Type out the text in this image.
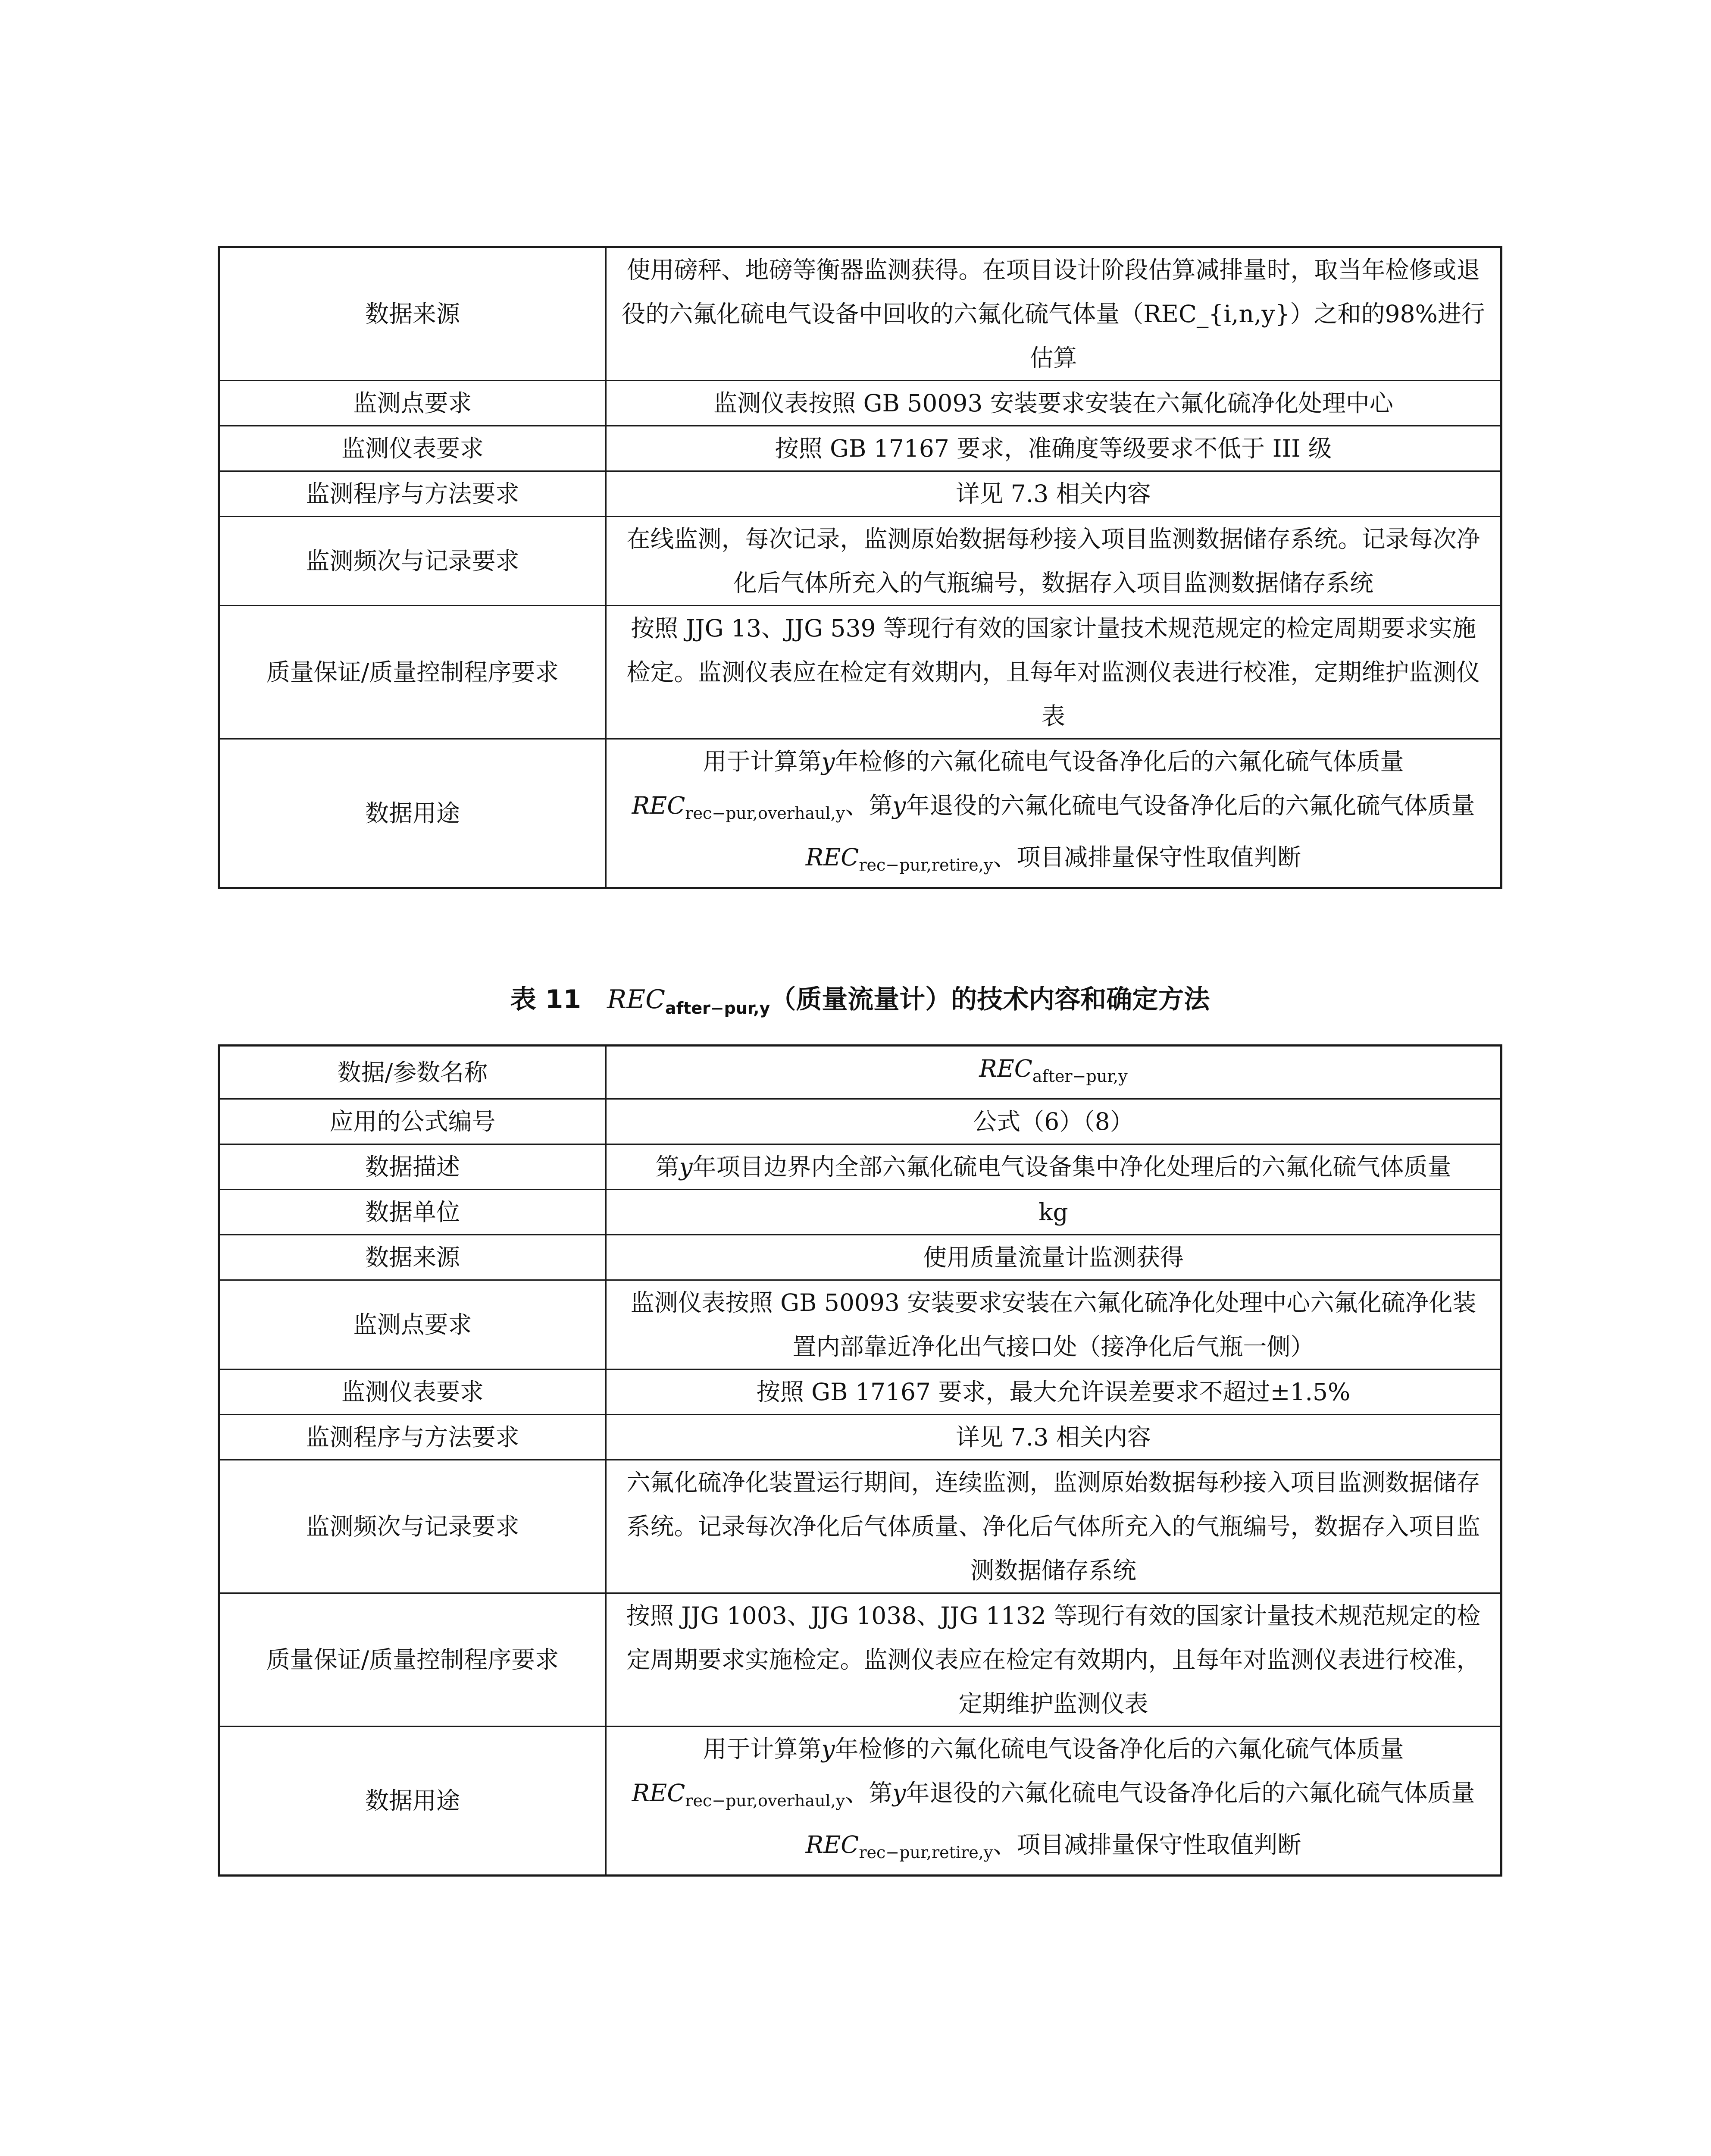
数据来源	使用磅秤、地磅等衡器监测获得。在项目设计阶段估算减排量时，取当年检修或退役的六氟化硫电气设备中回收的六氟化硫气体量（REC_{i,n,y}）之和的98%进行估算
监测点要求	监测仪表按照 GB 50093 安装要求安装在六氟化硫净化处理中心
监测仪表要求	按照 GB 17167 要求，准确度等级要求不低于 III 级
监测程序与方法要求	详见 7.3 相关内容
监测频次与记录要求	在线监测，每次记录，监测原始数据每秒接入项目监测数据储存系统。记录每次净化后气体所充入的气瓶编号，数据存入项目监测数据储存系统
质量保证/质量控制程序要求	按照 JJG 13、JJG 539 等现行有效的国家计量技术规范规定的检定周期要求实施检定。监测仪表应在检定有效期内，且每年对监测仪表进行校准，定期维护监测仪表
数据用途	用于计算第y年检修的六氟化硫电气设备净化后的六氟化硫气体质量
$REC_{rec-pur,overhaul,y}$、第y年退役的六氟化硫电气设备净化后的六氟化硫气体质量$REC_{rec-pur,retire,y}$、项目减排量保守性取值判断
表 11 $REC_{after-pur,y}$（质量流量计）的技术内容和确定方法
数据/参数名称	$REC_{after-pur,y}$
应用的公式编号	公式（6）（8）
数据描述	第y年项目边界内全部六氟化硫电气设备集中净化处理后的六氟化硫气体质量
数据单位	kg
数据来源	使用质量流量计监测获得
监测点要求	监测仪表按照 GB 50093 安装要求安装在六氟化硫净化处理中心六氟化硫净化装置内部靠近净化出气接口处（接净化后气瓶一侧）
监测仪表要求	按照 GB 17167 要求，最大允许误差要求不超过±1.5%
监测程序与方法要求	详见 7.3 相关内容
监测频次与记录要求	六氟化硫净化装置运行期间，连续监测，监测原始数据每秒接入项目监测数据储存系统。记录每次净化后气体质量、净化后气体所充入的气瓶编号，数据存入项目监测数据储存系统
质量保证/质量控制程序要求	按照 JJG 1003、JJG 1038、JJG 1132 等现行有效的国家计量技术规范规定的检定周期要求实施检定。监测仪表应在检定有效期内，且每年对监测仪表进行校准，定期维护监测仪表
数据用途	用于计算第y年检修的六氟化硫电气设备净化后的六氟化硫气体质量
$REC_{rec-pur,overhaul,y}$、第y年退役的六氟化硫电气设备净化后的六氟化硫气体质量$REC_{rec-pur,retire,y}$、项目减排量保守性取值判断
